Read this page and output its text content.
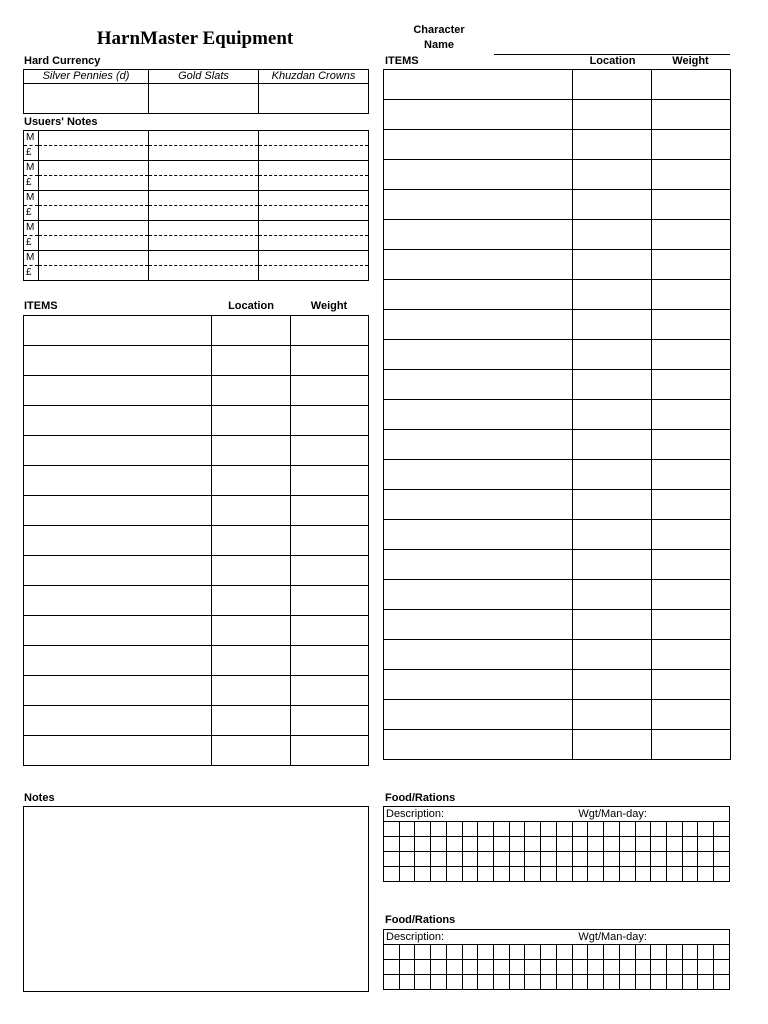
HarnMaster Equipment	Character
Name
Hard Currency
Silver Pennies (d)	Gold Slats	Khuzdan Crowns

Usuers' Notes
M			
£			
M			
£			
M			
£			
M			
£			
M			
£			
ITEMS	Location	Weight

ITEMS	Location	Weight

Notes	Food/Rations
Description:											Wgt/Man-day:										

Food/Rations
Description:											Wgt/Man-day:										
